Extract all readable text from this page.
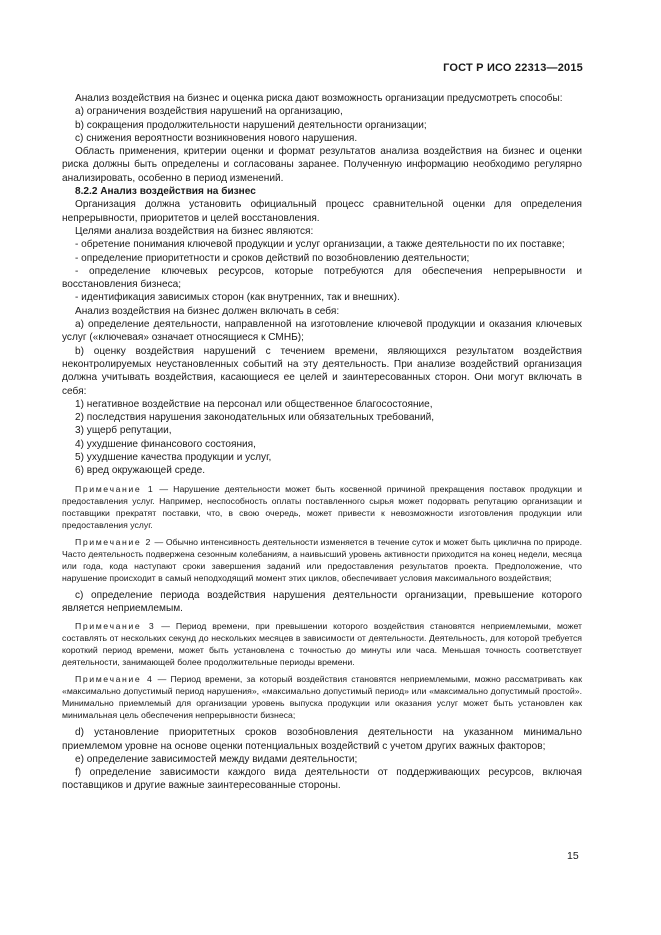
ГОСТ Р ИСО 22313—2015

Анализ воздействия на бизнес и оценка риска дают возможность организации предусмотреть способы:

а) ограничения воздействия нарушений на организацию,

b) сокращения продолжительности нарушений деятельности организации;

с) снижения вероятности возникновения нового нарушения.

Область применения, критерии оценки и формат результатов анализа воздействия на бизнес и оценки риска должны быть определены и согласованы заранее. Полученную информацию необходимо регулярно анализировать, особенно в период изменений.

8.2.2 Анализ воздействия на бизнес

Организация должна установить официальный процесс сравнительной оценки для определения непрерывности, приоритетов и целей восстановления.

Целями анализа воздействия на бизнес являются:

- обретение понимания ключевой продукции и услуг организации, а также деятельности по их поставке;

- определение приоритетности и сроков действий по возобновлению деятельности;

- определение ключевых ресурсов, которые потребуются для обеспечения непрерывности и восстановления бизнеса;

- идентификация зависимых сторон (как внутренних, так и внешних).

Анализ воздействия на бизнес должен включать в себя:

а) определение деятельности, направленной на изготовление ключевой продукции и оказания ключевых услуг («ключевая» означает относящиеся к СМНБ);

b) оценку воздействия нарушений с течением времени, являющихся результатом воздействия неконтролируемых неустановленных событий на эту деятельность. При анализе воздействий организация должна учитывать воздействия, касающиеся ее целей и заинтересованных сторон. Они могут включать в себя:

1) негативное воздействие на персонал или общественное благосостояние,

2) последствия нарушения законодательных или обязательных требований,

3) ущерб репутации,

4) ухудшение финансового состояния,

5) ухудшение качества продукции и услуг,

6) вред окружающей среде.

Примечание 1 — Нарушение деятельности может быть косвенной причиной прекращения поставок продукции и предоставления услуг. Например, неспособность оплаты поставленного сырья может подорвать репутацию организации и поставщики прекратят поставки, что, в свою очередь, может привести к невозможности изготовления продукции или предоставления услуг.

Примечание 2 — Обычно интенсивность деятельности изменяется в течение суток и может быть циклична по природе. Часто деятельность подвержена сезонным колебаниям, а наивысший уровень активности приходится на конец недели, месяца или года, кода наступают сроки завершения заданий или предоставления результатов проекта. Предположение, что нарушение происходит в самый неподходящий момент этих циклов, обеспечивает условия максимального воздействия;

с) определение периода воздействия нарушения деятельности организации, превышение которого является неприемлемым.

Примечание 3 — Период времени, при превышении которого воздействия становятся неприемлемыми, может составлять от нескольких секунд до нескольких месяцев в зависимости от деятельности. Деятельность, для которой требуется короткий период времени, может быть установлена с точностью до минуты или часа. Меньшая точность соответствует деятельности, занимающей более продолжительные периоды времени.

Примечание 4 — Период времени, за который воздействия становятся неприемлемыми, можно рассматривать как «максимально допустимый период нарушения», «максимально допустимый период» или «максимально допустимый простой». Минимально приемлемый для организации уровень выпуска продукции или оказания услуг может быть установлен как минимальная цель обеспечения непрерывности бизнеса;

d) установление приоритетных сроков возобновления деятельности на указанном минимально приемлемом уровне на основе оценки потенциальных воздействий с учетом других важных факторов;

е) определение зависимостей между видами деятельности;

f) определение зависимости каждого вида деятельности от поддерживающих ресурсов, включая поставщиков и другие важные заинтересованные стороны.

15
